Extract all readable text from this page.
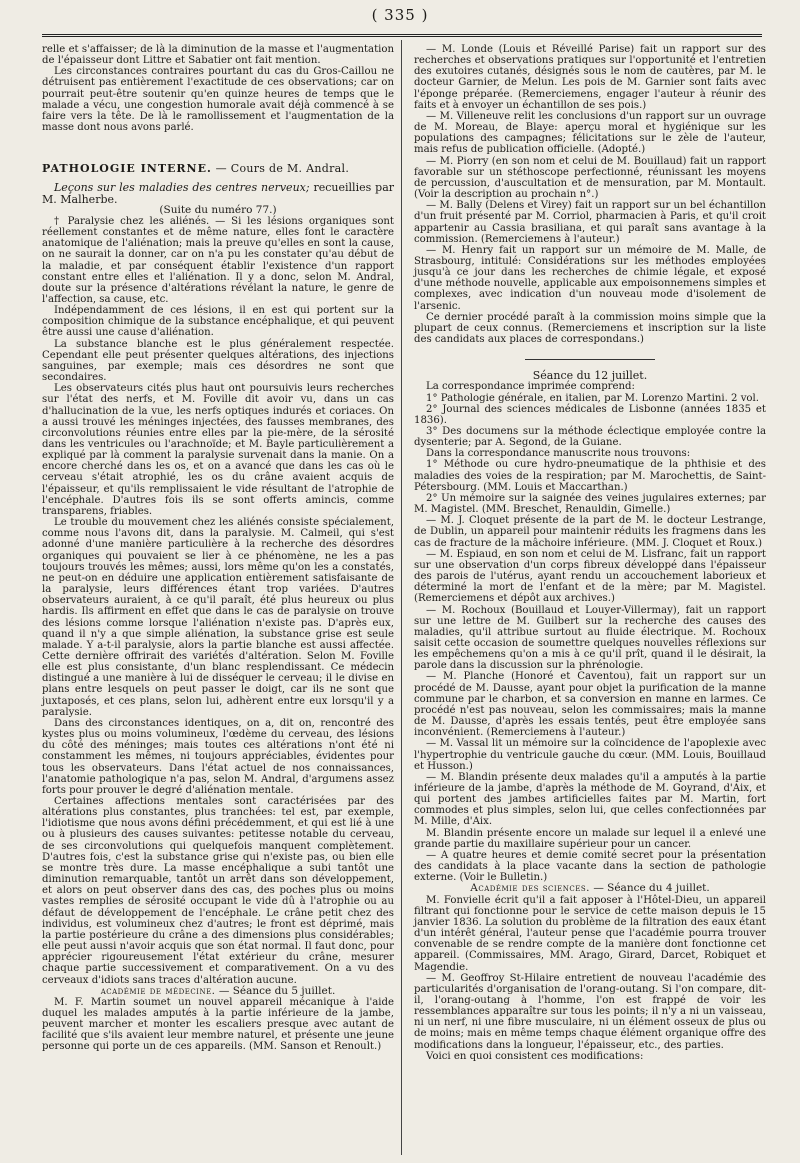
( 335 )

relle et s'affaisser; de là la diminution de la masse et l'augmentation de l'épaisseur dont Littre et Sabatier ont fait mention.

Les circonstances contraires pourtant du cas du Gros-Caillou ne détruisent pas entièrement l'exactitude de ces observations; car on pourrait peut-être soutenir qu'en quinze heures de temps que le malade a vécu, une congestion humorale avait déjà commencé à se faire vers la tête. De là le ramollissement et l'augmentation de la masse dont nous avons parlé.

PATHOLOGIE INTERNE. — Cours de M. Andral.

Leçons sur les maladies des centres nerveux; recueillies par M. Malherbe.

(Suite du numéro 77.)

† Paralysie chez les aliénés. — Si les lésions organiques sont réellement constantes et de même nature, elles font le caractère anatomique de l'aliénation; mais la preuve qu'elles en sont la cause, on ne saurait la donner, car on n'a pu les constater qu'au début de la maladie, et par conséquent établir l'existence d'un rapport constant entre elles et l'aliénation. Il y a donc, selon M. Andral, doute sur la présence d'altérations révélant la nature, le genre de l'affection, sa cause, etc.

Indépendamment de ces lésions, il en est qui portent sur la composition chimique de la substance encéphalique, et qui peuvent être aussi une cause d'aliénation.

La substance blanche est le plus généralement respectée. Cependant elle peut présenter quelques altérations, des injections sanguines, par exemple; mais ces désordres ne sont que secondaires.

Les observateurs cités plus haut ont poursuivis leurs recherches sur l'état des nerfs, et M. Foville dit avoir vu, dans un cas d'hallucination de la vue, les nerfs optiques indurés et coriaces. On a aussi trouvé les méninges injectées, des fausses membranes, des circonvolutions réunies entre elles par la pie-mère, de la sérosité dans les ventricules ou l'arachnoïde; et M. Bayle particulièrement a expliqué par là comment la paralysie survenait dans la manie. On a encore cherché dans les os, et on a avancé que dans les cas où le cerveau s'était atrophié, les os du crâne avaient acquis de l'épaisseur, et qu'ils remplissaient le vide résultant de l'atrophie de l'encéphale. D'autres fois ils se sont offerts amincis, comme transparens, friables.

Le trouble du mouvement chez les aliénés consiste spécialement, comme nous l'avons dit, dans la paralysie. M. Calmeil, qui s'est adonné d'une manière particulière à la recherche des désordres organiques qui pouvaient se lier à ce phénomène, ne les a pas toujours trouvés les mêmes; aussi, lors même qu'on les a constatés, ne peut-on en déduire une application entièrement satisfaisante de la paralysie, leurs différences étant trop variées. D'autres observateurs auraient, à ce qu'il paraît, été plus heureux ou plus hardis. Ils affirment en effet que dans le cas de paralysie on trouve des lésions comme lorsque l'aliénation n'existe pas. D'après eux, quand il n'y a que simple aliénation, la substance grise est seule malade. Y a-t-il paralysie, alors la partie blanche est aussi affectée. Cette dernière offrirait des variétés d'altération. Selon M. Foville elle est plus consistante, d'un blanc resplendissant. Ce médecin distingué a une manière à lui de disséquer le cerveau; il le divise en plans entre lesquels on peut passer le doigt, car ils ne sont que juxtaposés, et ces plans, selon lui, adhèrent entre eux lorsqu'il y a paralysie.

Dans des circonstances identiques, on a, dit on, rencontré des kystes plus ou moins volumineux, l'œdème du cerveau, des lésions du côté des méninges; mais toutes ces altérations n'ont été ni constamment les mêmes, ni toujours appréciables, évidentes pour tous les observateurs. Dans l'état actuel de nos connaissances, l'anatomie pathologique n'a pas, selon M. Andral, d'argumens assez forts pour prouver le degré d'aliénation mentale.

Certaines affections mentales sont caractérisées par des altérations plus constantes, plus tranchées: tel est, par exemple, l'idiotisme que nous avons défini précédemment, et qui est lié à une ou à plusieurs des causes suivantes: petitesse notable du cerveau, de ses circonvolutions qui quelquefois manquent complètement. D'autres fois, c'est la substance grise qui n'existe pas, ou bien elle se montre très dure. La masse encéphalique a subi tantôt une diminution remarquable, tantôt un arrêt dans son développement, et alors on peut observer dans des cas, des poches plus ou moins vastes remplies de sérosité occupant le vide dû à l'atrophie ou au défaut de développement de l'encéphale. Le crâne petit chez des individus, est volumineux chez d'autres; le front est déprimé, mais la partie postérieure du crâne a des dimensions plus considérables; elle peut aussi n'avoir acquis que son état normal. Il faut donc, pour apprécier rigoureusement l'état extérieur du crâne, mesurer chaque partie successivement et comparativement. On a vu des cerveaux d'idiots sans traces d'altération aucune.

académie de médecine. — Séance du 5 juillet.

M. F. Martin soumet un nouvel appareil mécanique à l'aide duquel les malades amputés à la partie inférieure de la jambe, peuvent marcher et monter les escaliers presque avec autant de facilité que s'ils avaient leur membre naturel, et présente une jeune personne qui porte un de ces appareils. (MM. Sanson et Renoult.)

— M. Londe (Louis et Réveillé Parise) fait un rapport sur des recherches et observations pratiques sur l'opportunité et l'entretien des exutoires cutanés, désignés sous le nom de cautères, par M. le docteur Garnier, de Melun. Les pois de M. Garnier sont faits avec l'éponge préparée. (Remerciemens, engager l'auteur à réunir des faits et à envoyer un échantillon de ses pois.)

— M. Villeneuve relit les conclusions d'un rapport sur un ouvrage de M. Moreau, de Blaye: aperçu moral et hygiénique sur les populations des campagnes; félicitations sur le zèle de l'auteur, mais refus de publication officielle. (Adopté.)

— M. Piorry (en son nom et celui de M. Bouillaud) fait un rapport favorable sur un stéthoscope perfectionné, réunissant les moyens de percussion, d'auscultation et de mensuration, par M. Montault. (Voir la description au prochain n°.)

— M. Bally (Delens et Virey) fait un rapport sur un bel échantillon d'un fruit présenté par M. Corriol, pharmacien à Paris, et qu'il croit appartenir au Cassia brasiliana, et qui paraît sans avantage à la commission. (Remerciemens à l'auteur.)

— M. Henry fait un rapport sur un mémoire de M. Malle, de Strasbourg, intitulé: Considérations sur les méthodes employées jusqu'à ce jour dans les recherches de chimie légale, et exposé d'une méthode nouvelle, applicable aux empoisonnemens simples et complexes, avec indication d'un nouveau mode d'isolement de l'arsenic.

Ce dernier procédé paraît à la commission moins simple que la plupart de ceux connus. (Remerciemens et inscription sur la liste des candidats aux places de correspondans.)

Séance du 12 juillet.

La correspondance imprimée comprend:

1° Pathologie générale, en italien, par M. Lorenzo Martini. 2 vol.

2° Journal des sciences médicales de Lisbonne (années 1835 et 1836).

3° Des documens sur la méthode éclectique employée contre la dysenterie; par A. Segond, de la Guiane.

Dans la correspondance manuscrite nous trouvons:

1° Méthode ou cure hydro-pneumatique de la phthisie et des maladies des voies de la respiration; par M. Marochettis, de Saint-Pétersbourg. (MM. Louis et Maccarthan.)

2° Un mémoire sur la saignée des veines jugulaires externes; par M. Magistel. (MM. Breschet, Renauldin, Gimelle.)

— M. J. Cloquet présente de la part de M. le docteur Lestrange, de Dublin, un appareil pour maintenir réduits les fragmens dans les cas de fracture de la mâchoire inférieure. (MM. J. Cloquet et Roux.)

— M. Espiaud, en son nom et celui de M. Lisfranc, fait un rapport sur une observation d'un corps fibreux développé dans l'épaisseur des parois de l'utérus, ayant rendu un accouchement laborieux et déterminé la mort de l'enfant et de la mère; par M. Magistel. (Remerciemens et dépôt aux archives.)

— M. Rochoux (Bouillaud et Louyer-Villermay), fait un rapport sur une lettre de M. Guilbert sur la recherche des causes des maladies, qu'il attribue surtout au fluide électrique. M. Rochoux saisit cette occasion de soumettre quelques nouvelles réflexions sur les empêchemens qu'on a mis à ce qu'il prît, quand il le désirait, la parole dans la discussion sur la phrénologie.

— M. Planche (Honoré et Caventou), fait un rapport sur un procédé de M. Dausse, ayant pour objet la purification de la manne commune par le charbon, et sa conversion en manne en larmes. Ce procédé n'est pas nouveau, selon les commissaires; mais la manne de M. Dausse, d'après les essais tentés, peut être employée sans inconvénient. (Remerciemens à l'auteur.)

— M. Vassal lit un mémoire sur la coïncidence de l'apoplexie avec l'hypertrophie du ventricule gauche du cœur. (MM. Louis, Bouillaud et Husson.)

— M. Blandin présente deux malades qu'il a amputés à la partie inférieure de la jambe, d'après la méthode de M. Goyrand, d'Aix, et qui portent des jambes artificielles faites par M. Martin, fort commodes et plus simples, selon lui, que celles confectionnées par M. Mille, d'Aix.

M. Blandin présente encore un malade sur lequel il a enlevé une grande partie du maxillaire supérieur pour un cancer.

— A quatre heures et demie comité secret pour la présentation des candidats à la place vacante dans la section de pathologie externe. (Voir le Bulletin.)

Académie des sciences. — Séance du 4 juillet.

M. Fonvielle écrit qu'il a fait apposer à l'Hôtel-Dieu, un appareil filtrant qui fonctionne pour le service de cette maison depuis le 15 janvier 1836. La solution du problème de la filtration des eaux étant d'un intérêt général, l'auteur pense que l'académie pourra trouver convenable de se rendre compte de la manière dont fonctionne cet appareil. (Commissaires, MM. Arago, Girard, Darcet, Robiquet et Magendie.

— M. Geoffroy St-Hilaire entretient de nouveau l'académie des particularités d'organisation de l'orang-outang. Si l'on compare, dit-il, l'orang-outang à l'homme, l'on est frappé de voir les ressemblances apparaître sur tous les points; il n'y a ni un vaisseau, ni un nerf, ni une fibre musculaire, ni un élément osseux de plus ou de moins; mais en même temps chaque élément organique offre des modifications dans la longueur, l'épaisseur, etc., des parties.

Voici en quoi consistent ces modifications:
